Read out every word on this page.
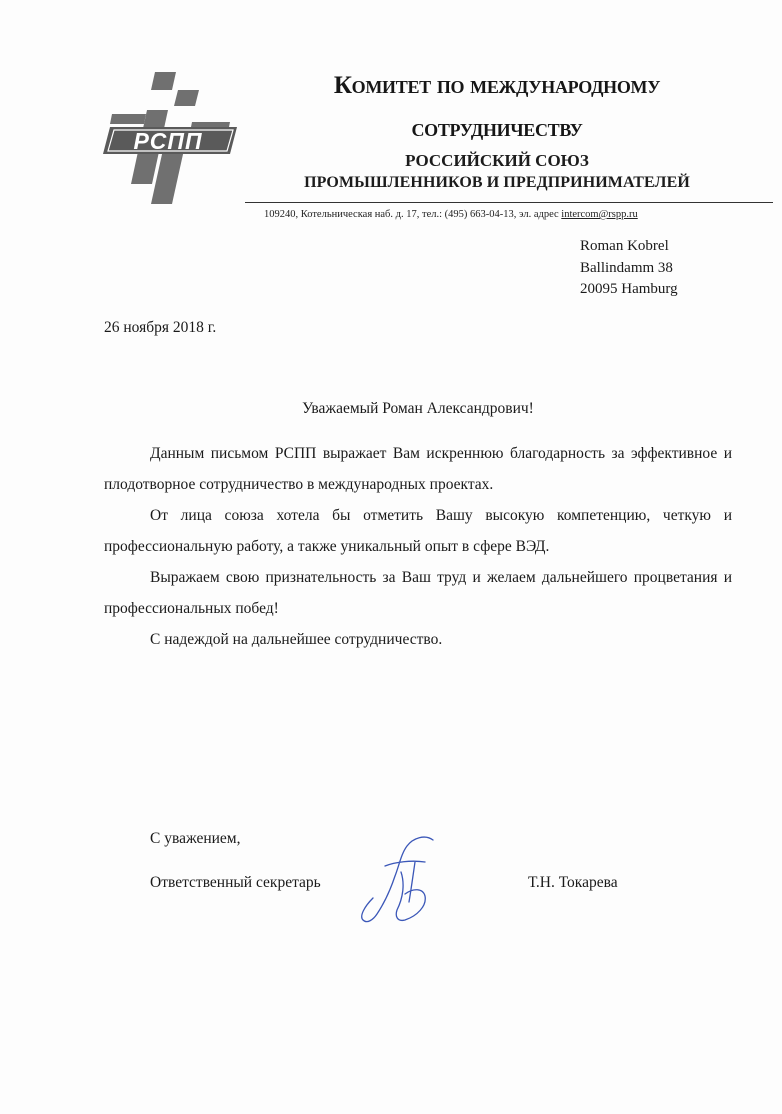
РСПП
Комитет по международному
сотрудничеству
РОССИЙСКИЙ СОЮЗ
ПРОМЫШЛЕННИКОВ И ПРЕДПРИНИМАТЕЛЕЙ
109240, Котельническая наб. д. 17, тел.: (495) 663-04-13, эл. адрес intercom@rspp.ru
Roman Kobrel
Ballindamm 38
20095 Hamburg
26 ноября 2018 г.
Уважаемый Роман Александрович!

Данным письмом РСПП выражает Вам искреннюю благодарность за эффективное и плодотворное сотрудничество в международных проектах.

От лица союза хотела бы отметить Вашу высокую компетенцию, четкую и профессиональную работу, а также уникальный опыт в сфере ВЭД.

Выражаем свою признательность за Ваш труд и желаем дальнейшего процветания и профессиональных побед!

С надеждой на дальнейшее сотрудничество.

С уважением,
Ответственный секретарь	Т.Н. Токарева
